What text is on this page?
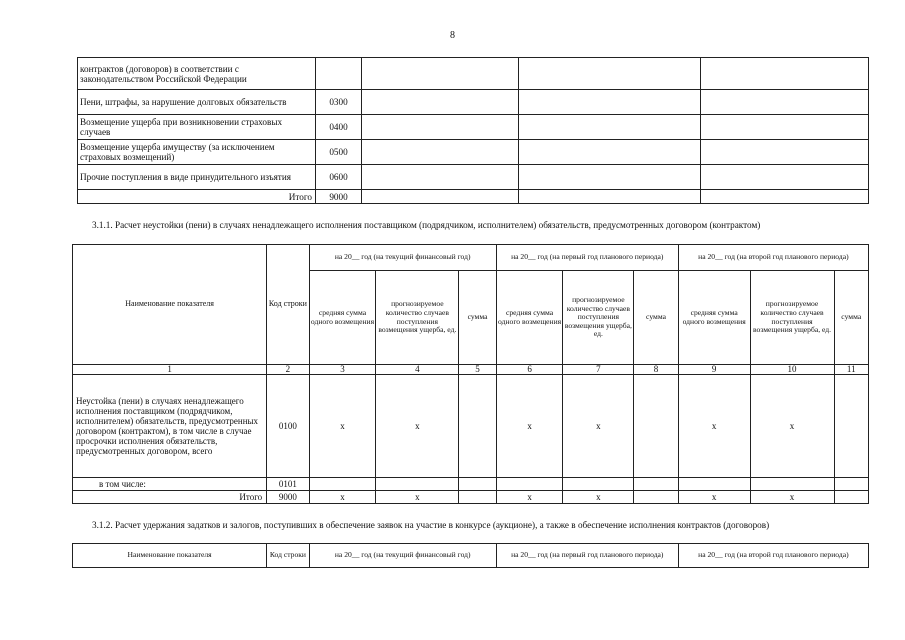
8
контрактов (договоров) в соответствии с законодательством Российской Федерации				
Пени, штрафы, за нарушение долговых обязательств	0300			
Возмещение ущерба при возникновении страховых случаев	0400			
Возмещение ущерба имуществу (за исключением страховых возмещений)	0500			
Прочие поступления в виде принудительного изъятия	0600			
Итого	9000			
3.1.1. Расчет неустойки (пени) в случаях ненадлежащего исполнения поставщиком (подрядчиком, исполнителем) обязательств, предусмотренных договором (контрактом)
Наименование показателя	Код строки	на 20__ год (на текущий финансовый год)			на 20__ год (на первый год планового периода)			на 20__ год (на второй год планового периода)		
		средняя сумма одного возмещения	прогнозируемое количество случаев поступления возмещения ущерба, ед.	сумма	средняя сумма одного возмещения	прогнозируемое количество случаев поступления возмещения ущерба, ед.	сумма	средняя сумма одного возмещения	прогнозируемое количество случаев поступления возмещения ущерба, ед.	сумма
1	2	3	4	5	6	7	8	9	10	11
Неустойка (пени) в случаях ненадлежащего исполнения поставщиком (подрядчиком, исполнителем) обязательств, предусмотренных договором (контрактом), в том числе в случае просрочки исполнения обязательств, предусмотренных договором, всего	0100	х	х		х	х		х	х	
в том числе:	0101									
Итого	9000	х	х		х	х		х	х	
3.1.2. Расчет удержания задатков и залогов, поступивших в обеспечение заявок на участие в конкурсе (аукционе), а также в обеспечение исполнения контрактов (договоров)
Наименование показателя	Код строки	на 20__ год (на текущий финансовый год)	на 20__ год (на первый год планового периода)	на 20__ год (на второй год планового периода)
